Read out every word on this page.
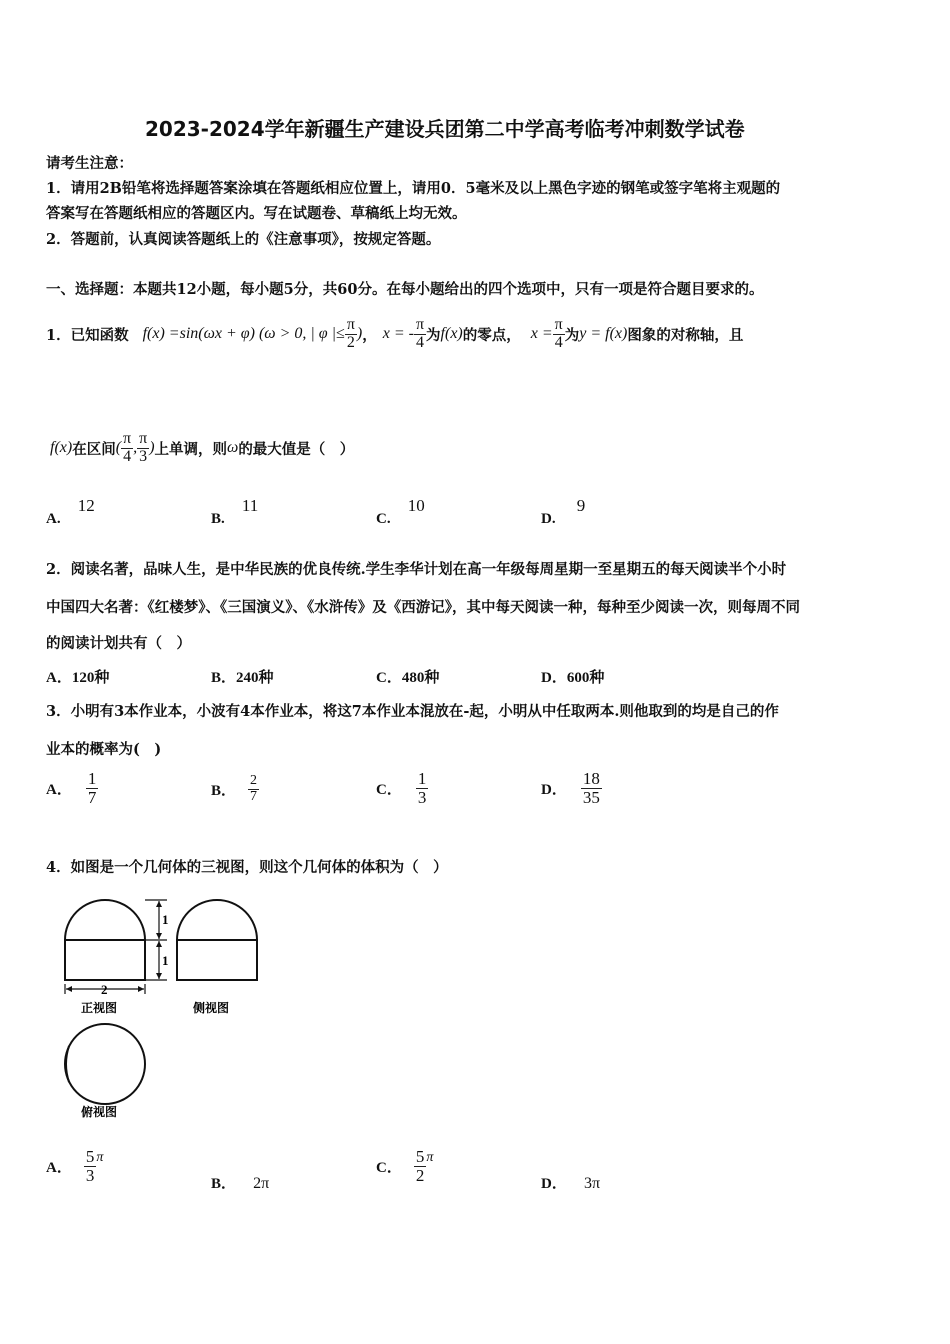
2023-2024学年新疆生产建设兵团第二中学高考临考冲刺数学试卷
请考生注意：
1．请用2B铅笔将选择题答案涂填在答题纸相应位置上，请用0．5毫米及以上黑色字迹的钢笔或签字笔将主观题的
答案写在答题纸相应的答题区内。写在试题卷、草稿纸上均无效。
2．答题前，认真阅读答题纸上的《注意事项》，按规定答题。
一、选择题：本题共12小题，每小题5分，共60分。在每小题给出的四个选项中，只有一项是符合题目要求的。
1．已知函数 f(x) =sin(ωx + φ) (ω > 0, | φ |≤ $\frac{\pi}{2}$ ) ， x = - $\frac{\pi}{4}$ 为 f(x) 的零点， $x = \frac{\pi}{4}$ 为 y = f(x) 图象的对称轴，且
f(x) 在区间 ( $\frac{\pi}{4}$ , $\frac{\pi}{3}$ ) 上单调，则 ω 的最大值是（　）
A. 12
B. 11
C. 10
D. 9
2．阅读名著，品味人生，是中华民族的优良传统.学生李华计划在高一年级每周星期一至星期五的每天阅读半个小时
中国四大名著：《红楼梦》、《三国演义》、《水浒传》及《西游记》，其中每天阅读一种，每种至少阅读一次，则每周不同
的阅读计划共有（　）
A．120种	B．240种	C．480种	D．600种
3．小明有3本作业本，小波有4本作业本，将这7本作业本混放在-起，小明从中任取两本.则他取到的均是自己的作
业本的概率为(　)
A． $\frac{1}{7}$	B． $\frac{2}{7}$	C． $\frac{1}{3}$	D． $\frac{18}{35}$
4．如图是一个几何体的三视图，则这个几何体的体积为（　）
1
1
2
正视图	侧视图
俯视图
A． $\frac{5}{3}$ π
B． 2π
C． $\frac{5}{2}$ π
D． 3π
